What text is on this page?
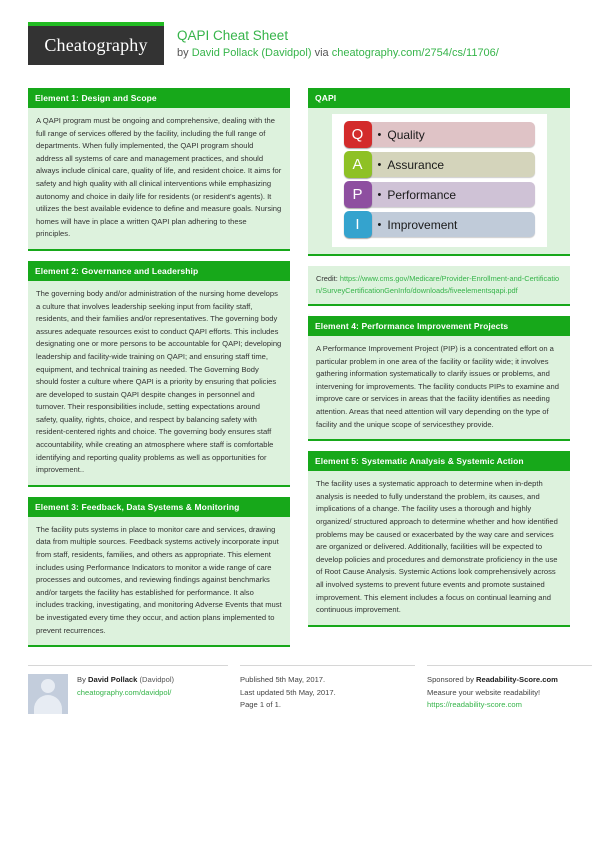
Cheatography QAPI Cheat Sheet
by David Pollack (Davidpol) via cheatography.com/2754/cs/11706/
Element 1: Design and Scope

A QAPI program must be ongoing and comprehensive, dealing with the full range of services offered by the facility, including the full range of departments. When fully implemented, the QAPI program should address all systems of care and management practices, and should always include clinical care, quality of life, and resident choice. It aims for safety and high quality with all clinical interventions while emphasizing autonomy and choice in daily life for residents (or resident's agents). It utilizes the best available evidence to define and measure goals. Nursing homes will have in place a written QAPI plan adhering to these principles.

Element 2: Governance and Leadership

The governing body and/or administration of the nursing home develops a culture that involves leadership seeking input from facility staff, residents, and their families and/or representatives. The governing body assures adequate resources exist to conduct QAPI efforts. This includes designating one or more persons to be accountable for QAPI; developing leadership and facility-wide training on QAPI; and ensuring staff time, equipment, and technical training as needed. The Governing Body should foster a culture where QAPI is a priority by ensuring that policies are developed to sustain QAPI despite changes in personnel and turnover. Their responsibilities include, setting expectations around safety, quality, rights, choice, and respect by balancing safety with resident-centered rights and choice. The governing body ensures staff accountability, while creating an atmosphere where staff is comfortable identifying and reporting quality problems as well as opportunities for improvement..

Element 3: Feedback, Data Systems & Monitoring

The facility puts systems in place to monitor care and services, drawing data from multiple sources. Feedback systems actively incorporate input from staff, residents, families, and others as appropriate. This element includes using Performance Indicators to monitor a wide range of care processes and outcomes, and reviewing findings against benchmarks and/or targets the facility has established for performance. It also includes tracking, investigating, and monitoring Adverse Events that must be investigated every time they occur, and action plans implemented to prevent recurrences.

QAPI
Q	• Quality
A	• Assurance
P	• Performance
I	• Improvement
Credit: https://www.cms.gov/Medicare/Provider-Enrollment-and-Certification/SurveyCertificationGenInfo/downloads/fiveelementsqapi.pdf
Element 4: Performance Improvement Projects

A Performance Improvement Project (PIP) is a concentrated effort on a particular problem in one area of the facility or facility wide; it involves gathering information systematically to clarify issues or problems, and intervening for improvements. The facility conducts PIPs to examine and improve care or services in areas that the facility identifies as needing attention. Areas that need attention will vary depending on the type of facility and the unique scope of servicesthey provide.

Element 5: Systematic Analysis & Systemic Action

The facility uses a systematic approach to determine when in-depth analysis is needed to fully understand the problem, its causes, and implications of a change. The facility uses a thorough and highly organized/ structured approach to determine whether and how identified problems may be caused or exacerbated by the way care and services are organized or delivered. Additionally, facilities will be expected to develop policies and procedures and demonstrate proficiency in the use of Root Cause Analysis. Systemic Actions look comprehensively across all involved systems to prevent future events and promote sustained improvement. This element includes a focus on continual learning and continuous improvement.

By David Pollack (Davidpol)
cheatography.com/davidpol/
Published 5th May, 2017.
Last updated 5th May, 2017.
Page 1 of 1.
Sponsored by Readability-Score.com
Measure your website readability!
https://readability-score.com
